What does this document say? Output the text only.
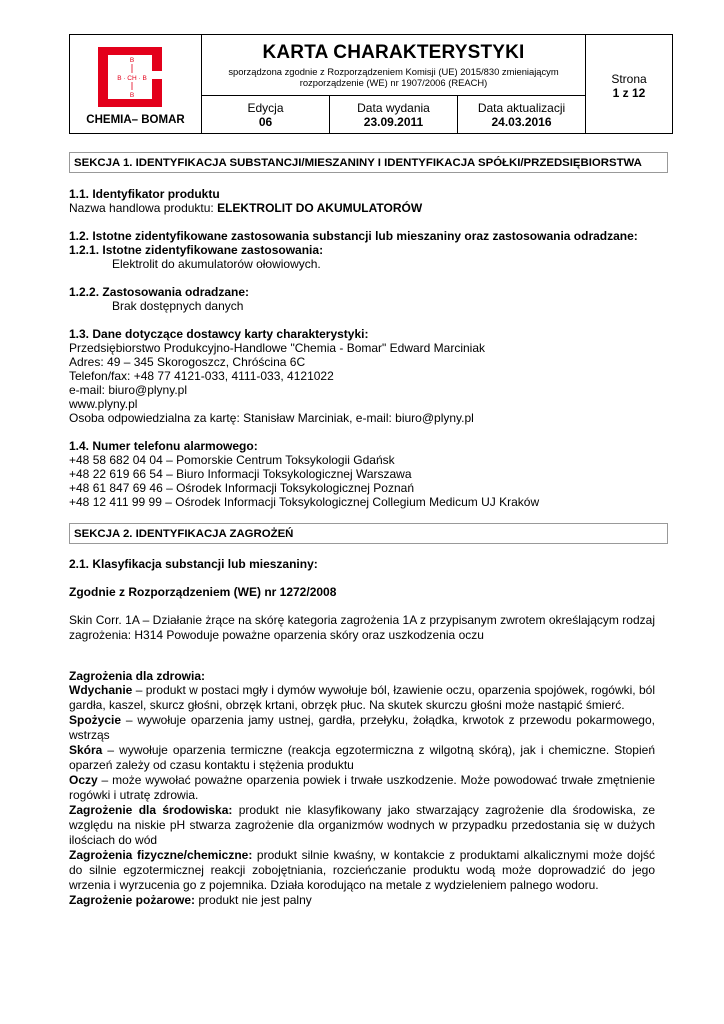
B · CH · B
B
B
CHEMIA– BOMAR
KARTA CHARAKTERYSTYKI
sporządzona zgodnie z Rozporządzeniem Komisji (UE) 2015/830 zmieniającym
rozporządzenie (WE) nr 1907/2006 (REACH)
Edycja
06
Data wydania
23.09.2011
Data aktualizacji
24.03.2016
Strona
1 z 12
SEKCJA 1. IDENTYFIKACJA SUBSTANCJI/MIESZANINY I IDENTYFIKACJA SPÓŁKI/PRZEDSIĘBIORSTWA
1.1. Identyfikator produktu
Nazwa handlowa produktu: ELEKTROLIT DO AKUMULATORÓW
1.2. Istotne zidentyfikowane zastosowania substancji lub mieszaniny oraz zastosowania odradzane:
1.2.1. Istotne zidentyfikowane zastosowania:
Elektrolit do akumulatorów ołowiowych.
1.2.2. Zastosowania odradzane:
Brak dostępnych danych
1.3. Dane dotyczące dostawcy karty charakterystyki:
Przedsiębiorstwo Produkcyjno-Handlowe "Chemia - Bomar" Edward Marciniak
Adres: 49 – 345 Skorogoszcz, Chróścina 6C
Telefon/fax: +48 77 4121-033, 4111-033, 4121022
e-mail: biuro@plyny.pl
www.plyny.pl
Osoba odpowiedzialna za kartę: Stanisław Marciniak, e-mail: biuro@plyny.pl
1.4. Numer telefonu alarmowego:
+48 58 682 04 04 – Pomorskie Centrum Toksykologii Gdańsk
+48 22 619 66 54 – Biuro Informacji Toksykologicznej Warszawa
+48 61 847 69 46 – Ośrodek Informacji Toksykologicznej Poznań
+48 12 411 99 99 – Ośrodek Informacji Toksykologicznej Collegium Medicum UJ Kraków
SEKCJA 2. IDENTYFIKACJA ZAGROŻEŃ
2.1. Klasyfikacja substancji lub mieszaniny:
Zgodnie z Rozporządzeniem (WE) nr 1272/2008
Skin Corr. 1A – Działanie żrące na skórę kategoria zagrożenia 1A z przypisanym zwrotem określającym rodzaj zagrożenia: H314 Powoduje poważne oparzenia skóry oraz uszkodzenia oczu
Zagrożenia dla zdrowia:

Wdychanie – produkt w postaci mgły i dymów wywołuje ból, łzawienie oczu, oparzenia spojówek, rogówki, ból gardła, kaszel, skurcz głośni, obrzęk krtani, obrzęk płuc. Na skutek skurczu głośni może nastąpić śmierć.

Spożycie – wywołuje oparzenia jamy ustnej, gardła, przełyku, żołądka, krwotok z przewodu pokarmowego, wstrząs

Skóra – wywołuje oparzenia termiczne (reakcja egzotermiczna z wilgotną skórą), jak i chemiczne. Stopień oparzeń zależy od czasu kontaktu i stężenia produktu

Oczy – może wywołać poważne oparzenia powiek i trwałe uszkodzenie. Może powodować trwałe zmętnienie rogówki i utratę zdrowia.

Zagrożenie dla środowiska: produkt nie klasyfikowany jako stwarzający zagrożenie dla środowiska, ze względu na niskie pH stwarza zagrożenie dla organizmów wodnych w przypadku przedostania się w dużych ilościach do wód

Zagrożenia fizyczne/chemiczne: produkt silnie kwaśny, w kontakcie z produktami alkalicznymi może dojść do silnie egzotermicznej reakcji zobojętniania, rozcieńczanie produktu wodą może doprowadzić do jego wrzenia i wyrzucenia go z pojemnika. Działa korodująco na metale z wydzieleniem palnego wodoru.

Zagrożenie pożarowe: produkt nie jest palny
